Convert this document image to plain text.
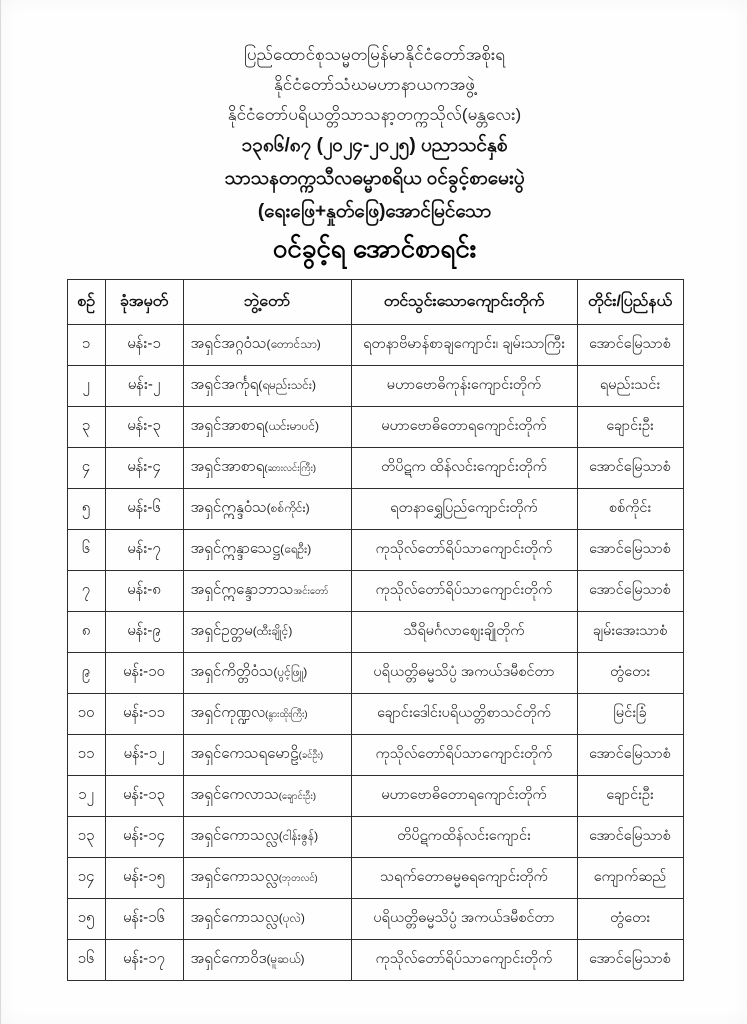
ပြည်ထောင်စုသမ္မတမြန်မာနိုင်ငံတော်အစိုးရ
နိုင်ငံတော်သံဃမဟာနာယကအဖွဲ့
နိုင်ငံတော်ပရိယတ္တိသာသနာ့တက္ကသိုလ်(မန္တလေး)
၁၃၈၆/၈၇ (၂၀၂၄-၂၀၂၅) ပညာသင်နှစ်
သာသနတက္ကသီလဓမ္မာစရိယ ဝင်ခွင့်စာမေးပွဲ
(ရေးဖြေ+နှုတ်ဖြေ)အောင်မြင်သော
ဝင်ခွင့်ရ အောင်စာရင်း
စဉ်	ခုံအမှတ်	ဘွဲ့တော်	တင်သွင်းသောကျောင်းတိုက်	တိုင်း/ပြည်နယ်
၁	မန်း-၁	အရှင်အဂ္ဂဝံသ(တောင်သာ)	ရတနာဗိမာန်စာချကျောင်း၊ ချမ်းသာကြီး	အောင်မြေသာစံ
၂	မန်း-၂	အရှင်အင်္ကုရ(ရမည်းသင်း)	မဟာဗောဓိကုန်းကျောင်းတိုက်	ရမည်းသင်း
၃	မန်း-၃	အရှင်အာစာရ(ယင်းမာပင်)	မဟာဗောဓိတောရကျောင်းတိုက်	ချောင်းဦး
၄	မန်း-၄	အရှင်အာစာရ(ဆားလင်းကြီး)	တိပိဋက ထိန်လင်းကျောင်းတိုက်	အောင်မြေသာစံ
၅	မန်း-၆	အရှင်ဣန္ဒဝံသ(စစ်ကိုင်း)	ရတနာရွှေပြည်ကျောင်းတိုက်	စစ်ကိုင်း
၆	မန်း-၇	အရှင်ဣန္ဒာသေဋ္ဌ(ရေဦး)	ကုသိုလ်တော်ရိပ်သာကျောင်းတိုက်	အောင်မြေသာစံ
၇	မန်း-၈	အရှင်ဣန္ဒောဘာသအင်းတော်	ကုသိုလ်တော်ရိပ်သာကျောင်းတိုက်	အောင်မြေသာစံ
၈	မန်း-၉	အရှင်ဥတ္တမ(ထီးချိုင့်)	သီရိမင်္ဂလာဈေးချိုတိုက်	ချမ်းအေးသာစံ
၉	မန်း-၁၀	အရှင်ကိတ္တိဝံသ(ပွင့်ဖြူ)	ပရိယတ္တိဓမ္မသိပ္ပံ အကယ်ဒမီစင်တာ	တွံတေး
၁၀	မန်း-၁၁	အရှင်ကုဏ္ဍလ(နွားထိုးကြီး)	ချောင်းဒေါင်းပရိယတ္တိစာသင်တိုက်	မြင်းခြံ
၁၁	မန်း-၁၂	အရှင်ကေသရမောဠိ(ခင်ဦး)	ကုသိုလ်တော်ရိပ်သာကျောင်းတိုက်	အောင်မြေသာစံ
၁၂	မန်း-၁၃	အရှင်ကေလာသ(ချောင်းဦး)	မဟာဗောဓိတောရကျောင်းတိုက်	ချောင်းဦး
၁၃	မန်း-၁၄	အရှင်ကောသလ္လ(ငါန်းဇွန်)	တိပိဋကထိန်လင်းကျောင်း	အောင်မြေသာစံ
၁၄	မန်း-၁၅	အရှင်ကောသလ္လ(ဘုတလင်)	သရက်တောဓမ္မဓရကျောင်းတိုက်	ကျောက်ဆည်
၁၅	မန်း-၁၆	အရှင်ကောသလ္လ(ပုလဲ)	ပရိယတ္တိဓမ္မသိပ္ပံ အကယ်ဒမီစင်တာ	တွံတေး
၁၆	မန်း-၁၇	အရှင်ကောဝိဒ(မူဆယ်)	ကုသိုလ်တော်ရိပ်သာကျောင်းတိုက်	အောင်မြေသာစံ
